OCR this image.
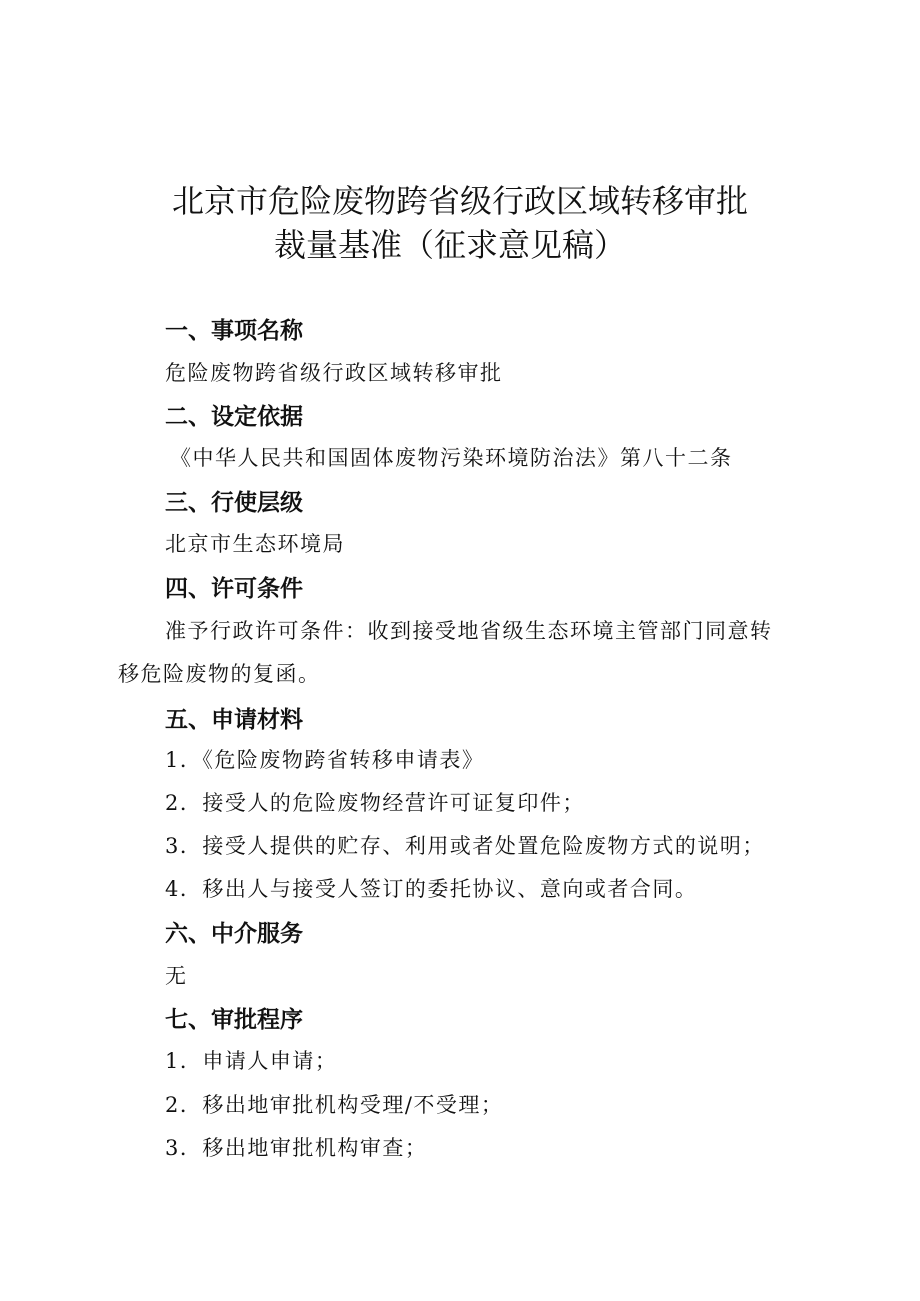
北京市危险废物跨省级行政区域转移审批
裁量基准（征求意见稿）
一、事项名称

危险废物跨省级行政区域转移审批

二、设定依据

《中华人民共和国固体废物污染环境防治法》第八十二条

三、行使层级

北京市生态环境局

四、许可条件

准予行政许可条件：收到接受地省级生态环境主管部门同意转

移危险废物的复函。

五、申请材料

1．《危险废物跨省转移申请表》

2．接受人的危险废物经营许可证复印件；

3．接受人提供的贮存、利用或者处置危险废物方式的说明；

4．移出人与接受人签订的委托协议、意向或者合同。

六、中介服务

无

七、审批程序

1．申请人申请；

2．移出地审批机构受理/不受理；

3．移出地审批机构审查；
